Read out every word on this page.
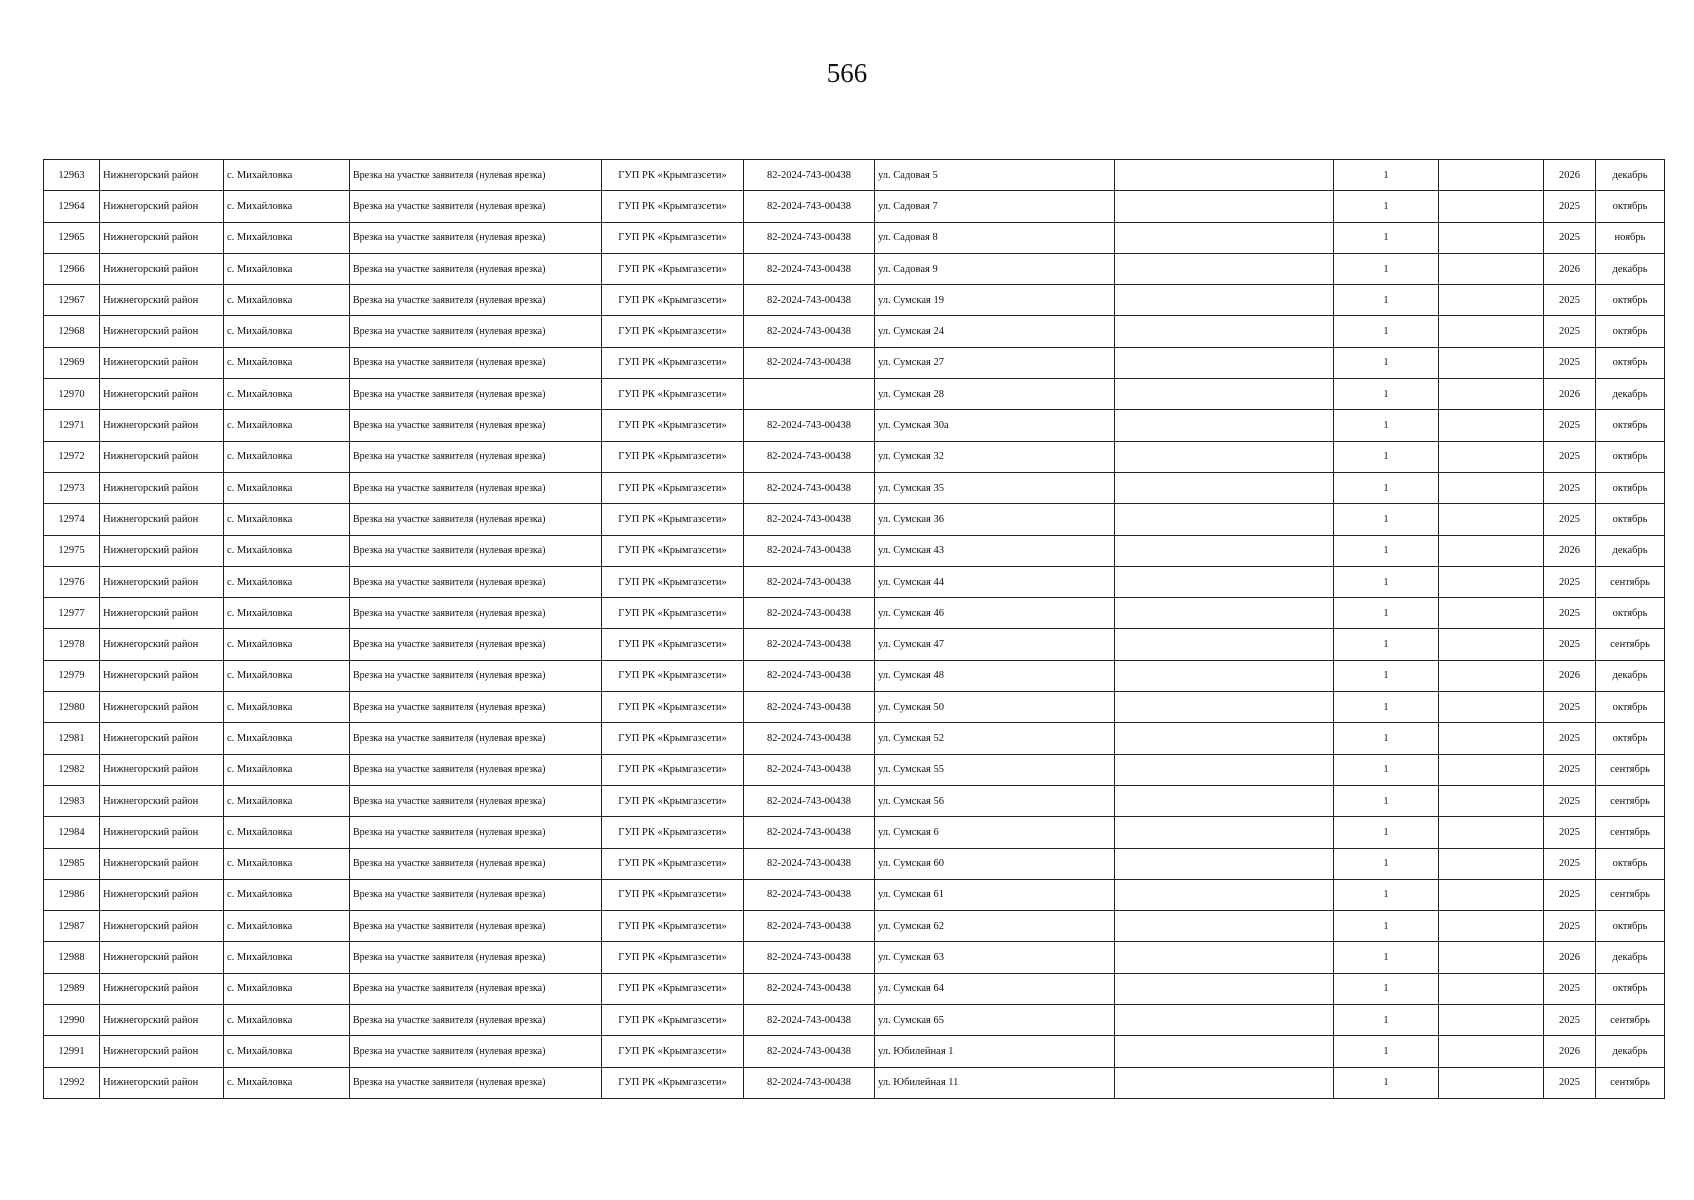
566
12963	Нижнегорский район	с. Михайловка	Врезка на участке заявителя (нулевая врезка)	ГУП РК «Крымгазсети»	82-2024-743-00438	ул. Садовая 5		1		2026	декабрь
12964	Нижнегорский район	с. Михайловка	Врезка на участке заявителя (нулевая врезка)	ГУП РК «Крымгазсети»	82-2024-743-00438	ул. Садовая 7		1		2025	октябрь
12965	Нижнегорский район	с. Михайловка	Врезка на участке заявителя (нулевая врезка)	ГУП РК «Крымгазсети»	82-2024-743-00438	ул. Садовая 8		1		2025	ноябрь
12966	Нижнегорский район	с. Михайловка	Врезка на участке заявителя (нулевая врезка)	ГУП РК «Крымгазсети»	82-2024-743-00438	ул. Садовая 9		1		2026	декабрь
12967	Нижнегорский район	с. Михайловка	Врезка на участке заявителя (нулевая врезка)	ГУП РК «Крымгазсети»	82-2024-743-00438	ул. Сумская 19		1		2025	октябрь
12968	Нижнегорский район	с. Михайловка	Врезка на участке заявителя (нулевая врезка)	ГУП РК «Крымгазсети»	82-2024-743-00438	ул. Сумская 24		1		2025	октябрь
12969	Нижнегорский район	с. Михайловка	Врезка на участке заявителя (нулевая врезка)	ГУП РК «Крымгазсети»	82-2024-743-00438	ул. Сумская 27		1		2025	октябрь
12970	Нижнегорский район	с. Михайловка	Врезка на участке заявителя (нулевая врезка)	ГУП РК «Крымгазсети»		ул. Сумская 28		1		2026	декабрь
12971	Нижнегорский район	с. Михайловка	Врезка на участке заявителя (нулевая врезка)	ГУП РК «Крымгазсети»	82-2024-743-00438	ул. Сумская 30а		1		2025	октябрь
12972	Нижнегорский район	с. Михайловка	Врезка на участке заявителя (нулевая врезка)	ГУП РК «Крымгазсети»	82-2024-743-00438	ул. Сумская 32		1		2025	октябрь
12973	Нижнегорский район	с. Михайловка	Врезка на участке заявителя (нулевая врезка)	ГУП РК «Крымгазсети»	82-2024-743-00438	ул. Сумская 35		1		2025	октябрь
12974	Нижнегорский район	с. Михайловка	Врезка на участке заявителя (нулевая врезка)	ГУП РК «Крымгазсети»	82-2024-743-00438	ул. Сумская 36		1		2025	октябрь
12975	Нижнегорский район	с. Михайловка	Врезка на участке заявителя (нулевая врезка)	ГУП РК «Крымгазсети»	82-2024-743-00438	ул. Сумская 43		1		2026	декабрь
12976	Нижнегорский район	с. Михайловка	Врезка на участке заявителя (нулевая врезка)	ГУП РК «Крымгазсети»	82-2024-743-00438	ул. Сумская 44		1		2025	сентябрь
12977	Нижнегорский район	с. Михайловка	Врезка на участке заявителя (нулевая врезка)	ГУП РК «Крымгазсети»	82-2024-743-00438	ул. Сумская 46		1		2025	октябрь
12978	Нижнегорский район	с. Михайловка	Врезка на участке заявителя (нулевая врезка)	ГУП РК «Крымгазсети»	82-2024-743-00438	ул. Сумская 47		1		2025	сентябрь
12979	Нижнегорский район	с. Михайловка	Врезка на участке заявителя (нулевая врезка)	ГУП РК «Крымгазсети»	82-2024-743-00438	ул. Сумская 48		1		2026	декабрь
12980	Нижнегорский район	с. Михайловка	Врезка на участке заявителя (нулевая врезка)	ГУП РК «Крымгазсети»	82-2024-743-00438	ул. Сумская 50		1		2025	октябрь
12981	Нижнегорский район	с. Михайловка	Врезка на участке заявителя (нулевая врезка)	ГУП РК «Крымгазсети»	82-2024-743-00438	ул. Сумская 52		1		2025	октябрь
12982	Нижнегорский район	с. Михайловка	Врезка на участке заявителя (нулевая врезка)	ГУП РК «Крымгазсети»	82-2024-743-00438	ул. Сумская 55		1		2025	сентябрь
12983	Нижнегорский район	с. Михайловка	Врезка на участке заявителя (нулевая врезка)	ГУП РК «Крымгазсети»	82-2024-743-00438	ул. Сумская 56		1		2025	сентябрь
12984	Нижнегорский район	с. Михайловка	Врезка на участке заявителя (нулевая врезка)	ГУП РК «Крымгазсети»	82-2024-743-00438	ул. Сумская 6		1		2025	сентябрь
12985	Нижнегорский район	с. Михайловка	Врезка на участке заявителя (нулевая врезка)	ГУП РК «Крымгазсети»	82-2024-743-00438	ул. Сумская 60		1		2025	октябрь
12986	Нижнегорский район	с. Михайловка	Врезка на участке заявителя (нулевая врезка)	ГУП РК «Крымгазсети»	82-2024-743-00438	ул. Сумская 61		1		2025	сентябрь
12987	Нижнегорский район	с. Михайловка	Врезка на участке заявителя (нулевая врезка)	ГУП РК «Крымгазсети»	82-2024-743-00438	ул. Сумская 62		1		2025	октябрь
12988	Нижнегорский район	с. Михайловка	Врезка на участке заявителя (нулевая врезка)	ГУП РК «Крымгазсети»	82-2024-743-00438	ул. Сумская 63		1		2026	декабрь
12989	Нижнегорский район	с. Михайловка	Врезка на участке заявителя (нулевая врезка)	ГУП РК «Крымгазсети»	82-2024-743-00438	ул. Сумская 64		1		2025	октябрь
12990	Нижнегорский район	с. Михайловка	Врезка на участке заявителя (нулевая врезка)	ГУП РК «Крымгазсети»	82-2024-743-00438	ул. Сумская 65		1		2025	сентябрь
12991	Нижнегорский район	с. Михайловка	Врезка на участке заявителя (нулевая врезка)	ГУП РК «Крымгазсети»	82-2024-743-00438	ул. Юбилейная 1		1		2026	декабрь
12992	Нижнегорский район	с. Михайловка	Врезка на участке заявителя (нулевая врезка)	ГУП РК «Крымгазсети»	82-2024-743-00438	ул. Юбилейная 11		1		2025	сентябрь
